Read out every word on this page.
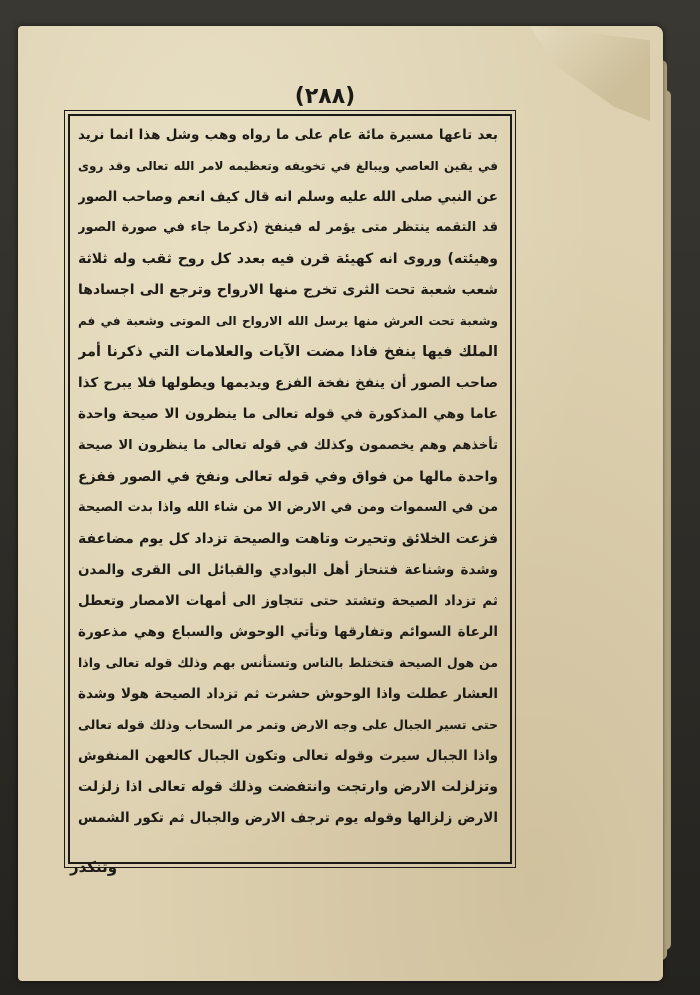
(٢٨٨)
بعد تاعها مسيرة مائة عام على ما رواه وهب وشل هذا انما نريد
في يقين العاصي ويبالغ في تخويفه وتعظيمه لامر الله تعالى وقد روى
عن النبي صلى الله عليه وسلم انه قال كيف انعم وصاحب الصور
قد التقمه ينتظر متى يؤمر له فينفخ (ذكرما جاء في صورة الصور
وهيئته) وروى انه كهيئة قرن فيه بعدد كل روح ثقب وله ثلاثة
شعب شعبة تحت الثرى تخرج منها الارواح وترجع الى اجسادها
وشعبة تحت العرش منها يرسل الله الارواح الى الموتى وشعبة في فم
الملك فيها ينفخ فاذا مضت الآيات والعلامات التي ذكرنا أمر
صاحب الصور أن ينفخ نفخة الفزع ويديمها ويطولها فلا يبرح كذا
عاما وهي المذكورة في قوله تعالى ما ينظرون الا صيحة واحدة
تأخذهم وهم يخصمون وكذلك في قوله تعالى ما ينظرون الا صيحة
واحدة مالها من فواق وفي قوله تعالى ونفخ في الصور ففزع
من في السموات ومن في الارض الا من شاء الله واذا بدت الصيحة
فزعت الخلائق وتحيرت وتاهت والصيحة تزداد كل يوم مضاعفة
وشدة وشناعة فتنحاز أهل البوادي والقبائل الى القرى والمدن
ثم تزداد الصيحة وتشتد حتى تتجاوز الى أمهات الامصار وتعطل
الرعاة السوائم وتفارقها وتأتي الوحوش والسباع وهي مذعورة
من هول الصيحة فتختلط بالناس وتستأنس بهم وذلك قوله تعالى واذا
العشار عطلت واذا الوحوش حشرت ثم تزداد الصيحة هولا وشدة
حتى تسير الجبال على وجه الارض وتمر مر السحاب وذلك قوله تعالى
واذا الجبال سيرت وقوله تعالى وتكون الجبال كالعهن المنفوش
وتزلزلت الارض وارتجت وانتفضت وذلك قوله تعالى اذا زلزلت
الارض زلزالها وقوله يوم ترجف الارض والجبال ثم تكور الشمس
وتنكدر
